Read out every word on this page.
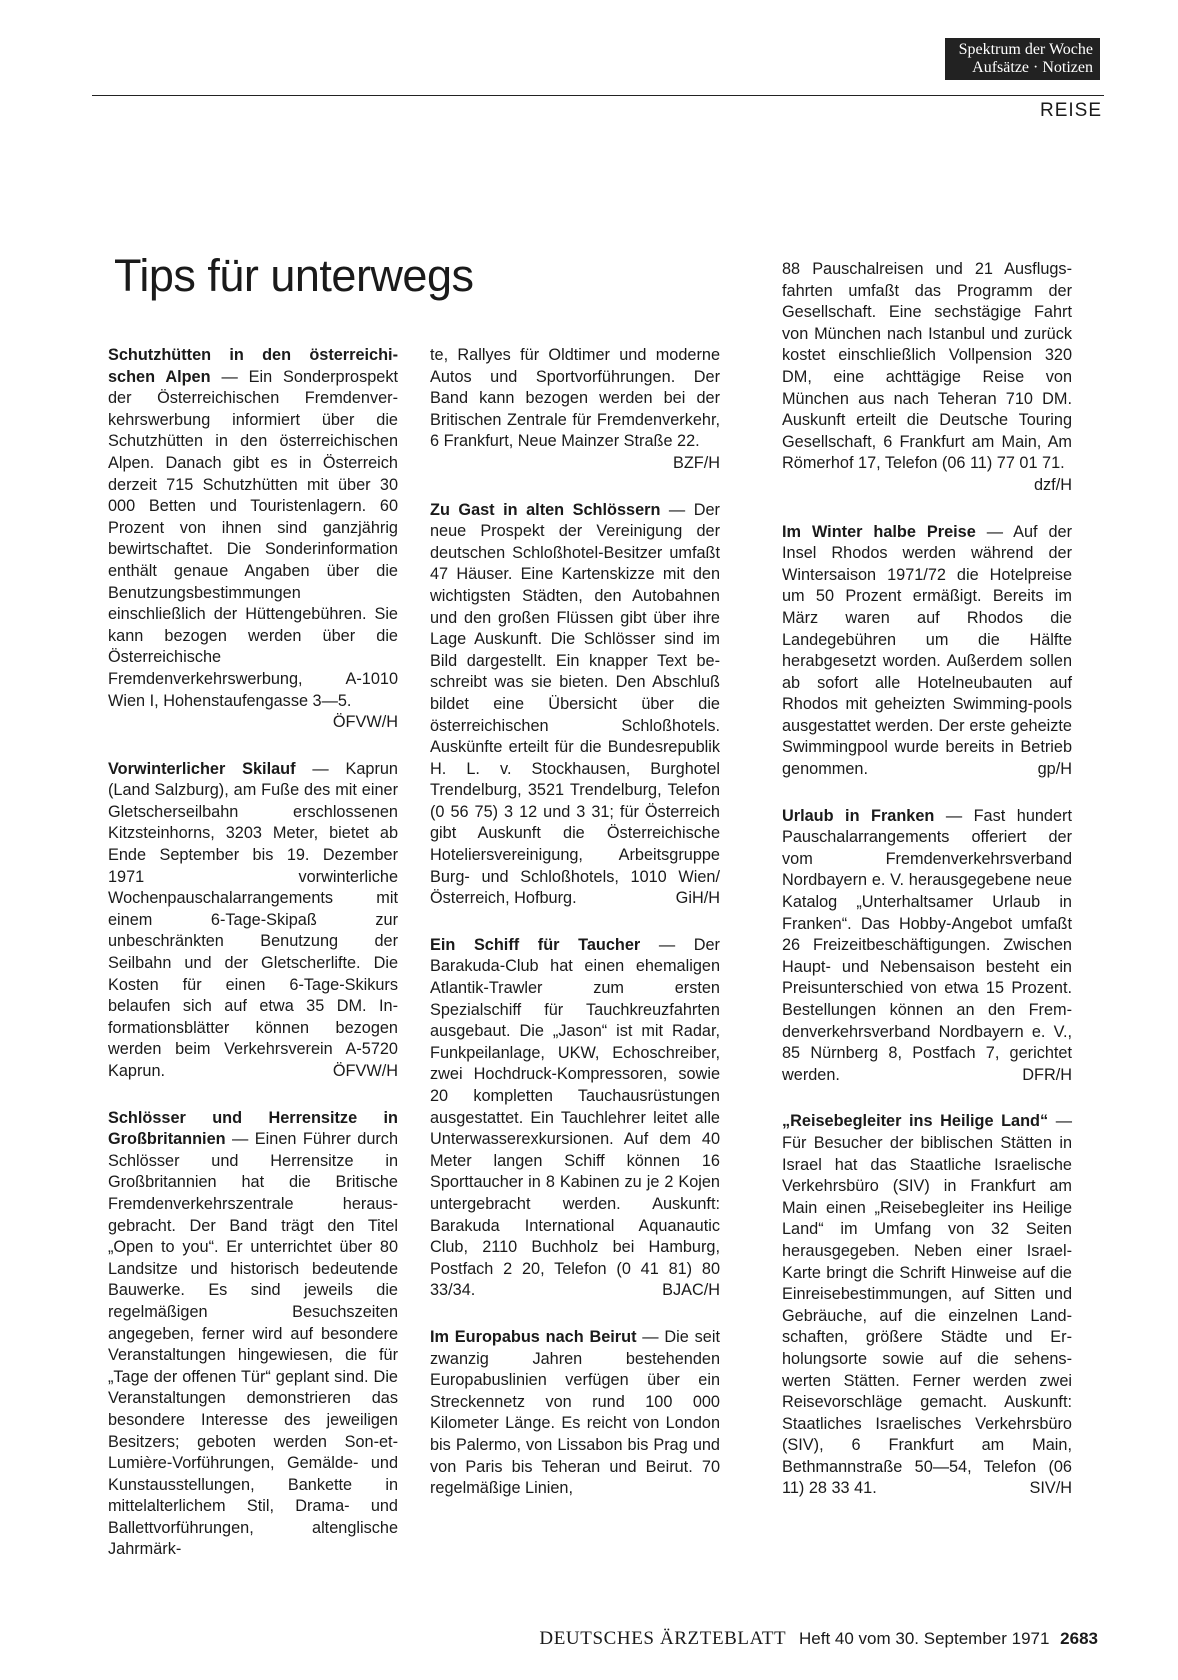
Spektrum der Woche
Aufsätze · Notizen
REISE
Tips für unterwegs

Schutzhütten in den österreichischen Alpen — Ein Sonderprospekt der Österreichischen Fremdenverkehrswerbung informiert über die Schutzhütten in den österreichischen Alpen. Danach gibt es in Österreich derzeit 715 Schutzhütten mit über 30 000 Betten und Touristenlagern. 60 Prozent von ihnen sind ganzjährig bewirtschaftet. Die Sonderinformation enthält genaue Angaben über die Benutzungsbestimmungen einschließlich der Hüttengebühren. Sie kann bezogen werden über die Österreichische Fremdenverkehrswerbung, A-1010 Wien I, Hohenstaufengasse 3—5.
ÖFVW/H

Vorwinterlicher Skilauf — Kaprun (Land Salzburg), am Fuße des mit einer Gletscherseilbahn erschlossenen Kitzsteinhorns, 3203 Meter, bietet ab Ende September bis 19. Dezember 1971 vorwinterliche Wochenpauschalarrangements mit einem 6-Tage-Skipaß zur unbeschränkten Benutzung der Seilbahn und der Gletscherlifte. Die Kosten für einen 6-Tage-Skikurs belaufen sich auf etwa 35 DM. Informationsblätter können bezogen werden beim Verkehrsverein A-5720 Kaprun.	ÖFVW/H

Schlösser und Herrensitze in Großbritannien — Einen Führer durch Schlösser und Herrensitze in Großbritannien hat die Britische Fremdenverkehrszentrale herausgebracht. Der Band trägt den Titel „Open to you“. Er unterrichtet über 80 Landsitze und historisch bedeutende Bauwerke. Es sind jeweils die regelmäßigen Besuchszeiten angegeben, ferner wird auf besondere Veranstaltungen hingewiesen, die für „Tage der offenen Tür“ geplant sind. Die Veranstaltungen demonstrieren das besondere Interesse des jeweiligen Besitzers; geboten werden Son-et-Lumière-Vorführungen, Gemälde- und Kunstausstellungen, Bankette in mittelalterlichem Stil, Drama- und Ballettvorführungen, altenglische Jahrmärk-

te, Rallyes für Oldtimer und moderne Autos und Sportvorführungen. Der Band kann bezogen werden bei der Britischen Zentrale für Fremdenverkehr, 6 Frankfurt, Neue Mainzer Straße 22.
BZF/H

Zu Gast in alten Schlössern — Der neue Prospekt der Vereinigung der deutschen Schloßhotel-Besitzer umfaßt 47 Häuser. Eine Kartenskizze mit den wichtigsten Städten, den Autobahnen und den großen Flüssen gibt über ihre Lage Auskunft. Die Schlösser sind im Bild dargestellt. Ein knapper Text beschreibt was sie bieten. Den Abschluß bildet eine Übersicht über die österreichischen Schloßhotels. Auskünfte erteilt für die Bundesrepublik H. L. v. Stockhausen, Burghotel Trendelburg, 3521 Trendelburg, Telefon (0 56 75) 3 12 und 3 31; für Österreich gibt Auskunft die Österreichische Hoteliersvereinigung, Arbeitsgruppe Burg- und Schloßhotels, 1010 Wien/Österreich, Hofburg.	GiH/H

Ein Schiff für Taucher — Der Barakuda-Club hat einen ehemaligen Atlantik-Trawler zum ersten Spezialschiff für Tauchkreuzfahrten ausgebaut. Die „Jason“ ist mit Radar, Funkpeilanlage, UKW, Echoschreiber, zwei Hochdruck-Kompressoren, sowie 20 kompletten Tauchausrüstungen ausgestattet. Ein Tauchlehrer leitet alle Unterwasserexkursionen. Auf dem 40 Meter langen Schiff können 16 Sporttaucher in 8 Kabinen zu je 2 Kojen untergebracht werden. Auskunft: Barakuda International Aquanautic Club, 2110 Buchholz bei Hamburg, Postfach 2 20, Telefon (0 41 81) 80 33/34.	BJAC/H

Im Europabus nach Beirut — Die seit zwanzig Jahren bestehenden Europabuslinien verfügen über ein Streckennetz von rund 100 000 Kilometer Länge. Es reicht von London bis Palermo, von Lissabon bis Prag und von Paris bis Teheran und Beirut. 70 regelmäßige Linien,

88 Pauschalreisen und 21 Ausflugsfahrten umfaßt das Programm der Gesellschaft. Eine sechstägige Fahrt von München nach Istanbul und zurück kostet einschließlich Vollpension 320 DM, eine achttägige Reise von München aus nach Teheran 710 DM. Auskunft erteilt die Deutsche Touring Gesellschaft, 6 Frankfurt am Main, Am Römerhof 17, Telefon (06 11) 77 01 71.
dzf/H

Im Winter halbe Preise — Auf der Insel Rhodos werden während der Wintersaison 1971/72 die Hotelpreise um 50 Prozent ermäßigt. Bereits im März waren auf Rhodos die Landegebühren um die Hälfte herabgesetzt worden. Außerdem sollen ab sofort alle Hotelneubauten auf Rhodos mit geheizten Swimming-pools ausgestattet werden. Der erste geheizte Swimmingpool wurde bereits in Betrieb genommen.	gp/H

Urlaub in Franken — Fast hundert Pauschalarrangements offeriert der vom Fremdenverkehrsverband Nordbayern e. V. herausgegebene neue Katalog „Unterhaltsamer Urlaub in Franken“. Das Hobby-Angebot umfaßt 26 Freizeitbeschäftigungen. Zwischen Haupt- und Nebensaison besteht ein Preisunterschied von etwa 15 Prozent. Bestellungen können an den Fremdenverkehrsverband Nordbayern e. V., 85 Nürnberg 8, Postfach 7, gerichtet werden.	DFR/H

„Reisebegleiter ins Heilige Land“ — Für Besucher der biblischen Stätten in Israel hat das Staatliche Israelische Verkehrsbüro (SIV) in Frankfurt am Main einen „Reisebegleiter ins Heilige Land“ im Umfang von 32 Seiten herausgegeben. Neben einer Israel-Karte bringt die Schrift Hinweise auf die Einreisebestimmungen, auf Sitten und Gebräuche, auf die einzelnen Landschaften, größere Städte und Erholungsorte sowie auf die sehenswerten Stätten. Ferner werden zwei Reisevorschläge gemacht. Auskunft: Staatliches Israelisches Verkehrsbüro (SIV), 6 Frankfurt am Main, Bethmannstraße 50—54, Telefon (06 11) 28 33 41.	SIV/H

DEUTSCHES ÄRZTEBLATT Heft 40 vom 30. September 1971 2683
